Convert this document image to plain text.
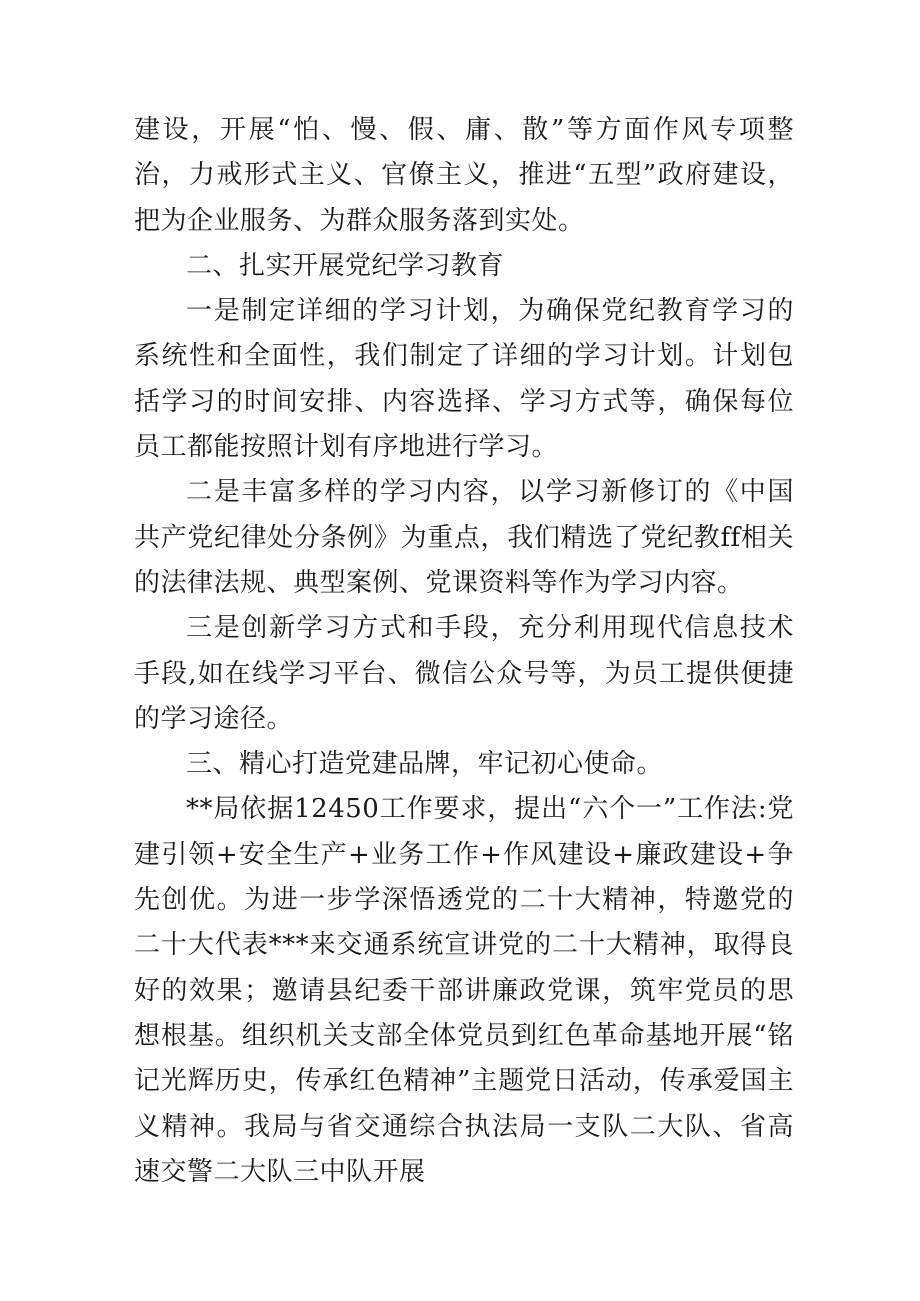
建设，开展“怕、慢、假、庸、散”等方面作风专项整治，力戒形式主义、官僚主义，推进“五型”政府建设，把为企业服务、为群众服务落到实处。

二、扎实开展党纪学习教育

一是制定详细的学习计划，为确保党纪教育学习的系统性和全面性，我们制定了详细的学习计划。计划包括学习的时间安排、内容选择、学习方式等，确保每位员工都能按照计划有序地进行学习。

二是丰富多样的学习内容，以学习新修订的《中国共产党纪律处分条例》为重点，我们精选了党纪教ff相关的法律法规、典型案例、党课资料等作为学习内容。

三是创新学习方式和手段，充分利用现代信息技术手段,如在线学习平台、微信公众号等，为员工提供便捷的学习途径。

三、精心打造党建品牌，牢记初心使命。

**局依据12450工作要求，提出“六个一”工作法:党建引领+安全生产+业务工作+作风建设+廉政建设+争先创优。为进一步学深悟透党的二十大精神，特邀党的二十大代表***来交通系统宣讲党的二十大精神，取得良好的效果；邀请县纪委干部讲廉政党课，筑牢党员的思想根基。组织机关支部全体党员到红色革命基地开展“铭记光辉历史，传承红色精神”主题党日活动，传承爱国主义精神。我局与省交通综合执法局一支队二大队、省高速交警二大队三中队开展
